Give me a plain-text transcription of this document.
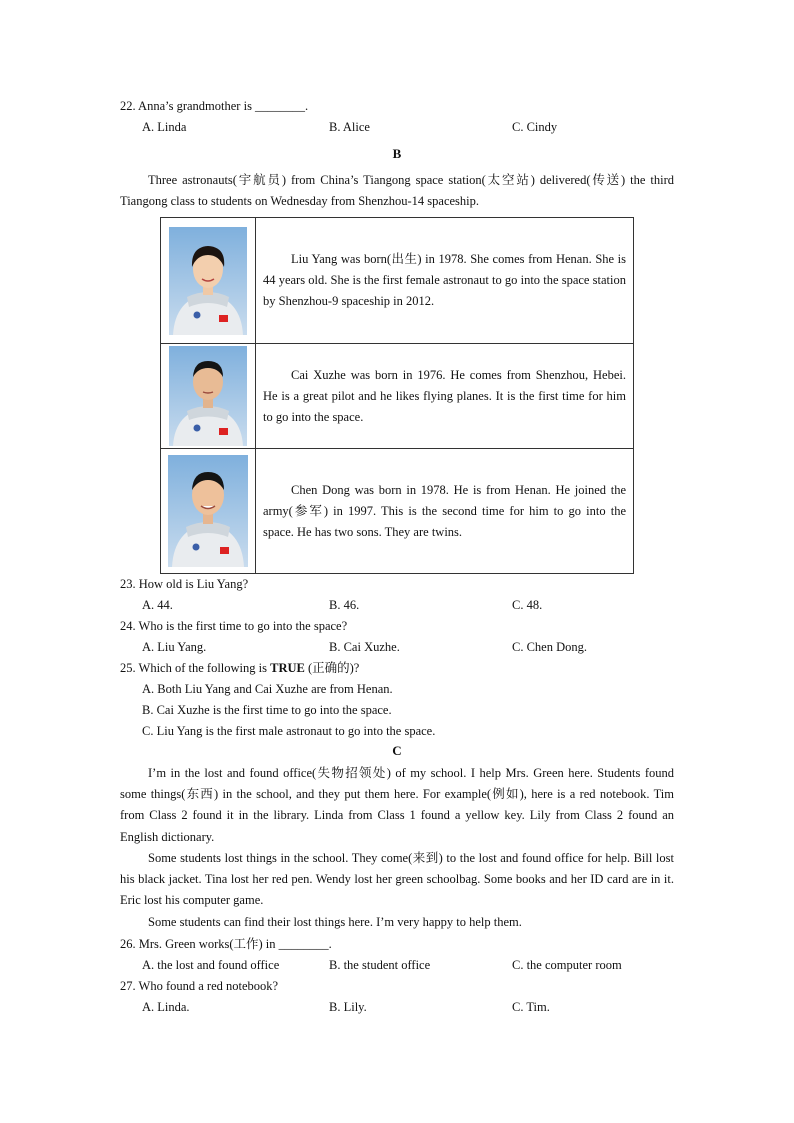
22. Anna’s grandmother is ________.
A. Linda	B. Alice	C. Cindy
B
Three astronauts(宇航员) from China’s Tiangong space station(太空站) delivered(传送) the third Tiangong class to students on Wednesday from Shenzhou-14 spaceship.
	Liu Yang was born(出生) in 1978. She comes from Henan. She is 44 years old. She is the first female astronaut to go into the space station by Shenzhou-9 spaceship in 2012.

	Cai Xuzhe was born in 1976. He comes from Shenzhou, Hebei. He is a great pilot and he likes flying planes. It is the first time for him to go into the space.

	Chen Dong was born in 1978. He is from Henan. He joined the army(参军) in 1997. This is the second time for him to go into the space. He has two sons. They are twins.
23. How old is Liu Yang?
A. 44.	B. 46.	C. 48.
24. Who is the first time to go into the space?
A. Liu Yang.	B. Cai Xuzhe.	C. Chen Dong.
25. Which of the following is TRUE (正确的)?
A. Both Liu Yang and Cai Xuzhe are from Henan.
B. Cai Xuzhe is the first time to go into the space.
C. Liu Yang is the first male astronaut to go into the space.
C
I’m in the lost and found office(失物招领处) of my school. I help Mrs. Green here. Students found some things(东西) in the school, and they put them here. For example(例如), here is a red notebook. Tim from Class 2 found it in the library. Linda from Class 1 found a yellow key. Lily from Class 2 found an English dictionary.
Some students lost things in the school. They come(来到) to the lost and found office for help. Bill lost his black jacket. Tina lost her red pen. Wendy lost her green schoolbag. Some books and her ID card are in it. Eric lost his computer game.
Some students can find their lost things here. I’m very happy to help them.
26. Mrs. Green works(工作) in ________.
A. the lost and found office	B. the student office	C. the computer room
27. Who found a red notebook?
A. Linda.	B. Lily.	C. Tim.
